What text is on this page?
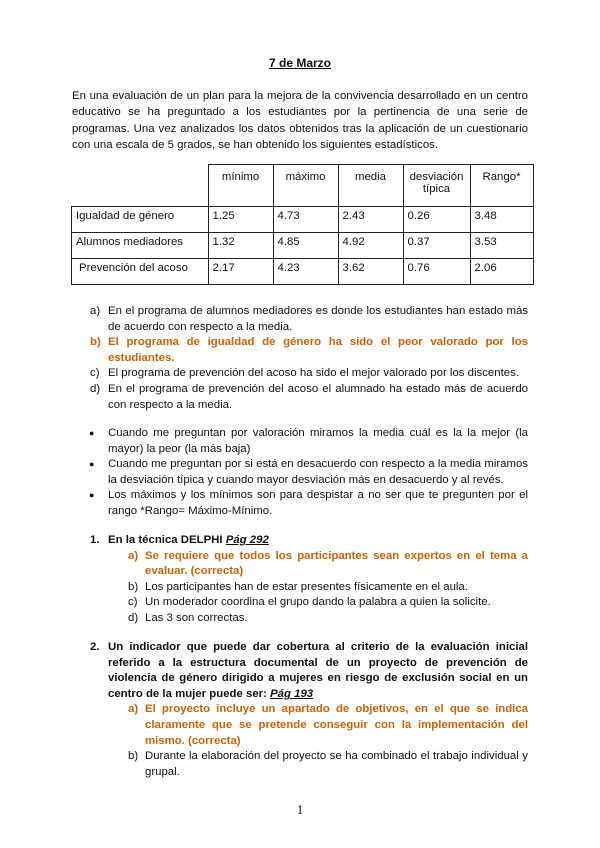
7 de Marzo
En una evaluación de un plan para la mejora de la convivencia desarrollado en un centro educativo se ha preguntado a los estudiantes por la pertinencia de una serie de programas. Una vez analizados los datos obtenidos tras la aplicación de un cuestionario con una escala de 5 grados, se han obtenido los siguientes estadísticos.
	mínimo	máximo	media	desviación típica	Rango*
Igualdad de género	1.25	4.73	2.43	0.26	3.48
Alumnos mediadores	1.32	4.85	4.92	0.37	3.53
Prevención del acoso	2.17	4.23	3.62	0.76	2.06
a) En el programa de alumnos mediadores es donde los estudiantes han estado más de acuerdo con respecto a la media.
b) El programa de igualdad de género ha sido el peor valorado por los estudiantes.
c) El programa de prevención del acoso ha sido el mejor valorado por los discentes.
d) En el programa de prevención del acoso el alumnado ha estado más de acuerdo con respecto a la media.
● Cuando me preguntan por valoración miramos la media cuál es la la mejor (la mayor) la peor (la más baja)
● Cuando me preguntan por si está en desacuerdo con respecto a la media miramos la desviación típica y cuando mayor desviación más en desacuerdo y al revés.
● Los máximos y los mínimos son para despistar a no ser que te pregunten por el rango *Rango= Máximo-Mínimo.
1. En la técnica DELPHI Pág 292
a) Se requiere que todos los participantes sean expertos en el tema a evaluar. (correcta)
b) Los participantes han de estar presentes físicamente en el aula.
c) Un moderador coordina el grupo dando la palabra a quien la solicite.
d) Las 3 son correctas.
2. Un indicador que puede dar cobertura al criterio de la evaluación inicial referido a la estructura documental de un proyecto de prevención de violencia de género dirigido a mujeres en riesgo de exclusión social en un centro de la mujer puede ser: Pág 193
a) El proyecto incluye un apartado de objetivos, en el que se indica claramente que se pretende conseguir con la implementación del mismo. (correcta)
b) Durante la elaboración del proyecto se ha combinado el trabajo individual y grupal.
1
